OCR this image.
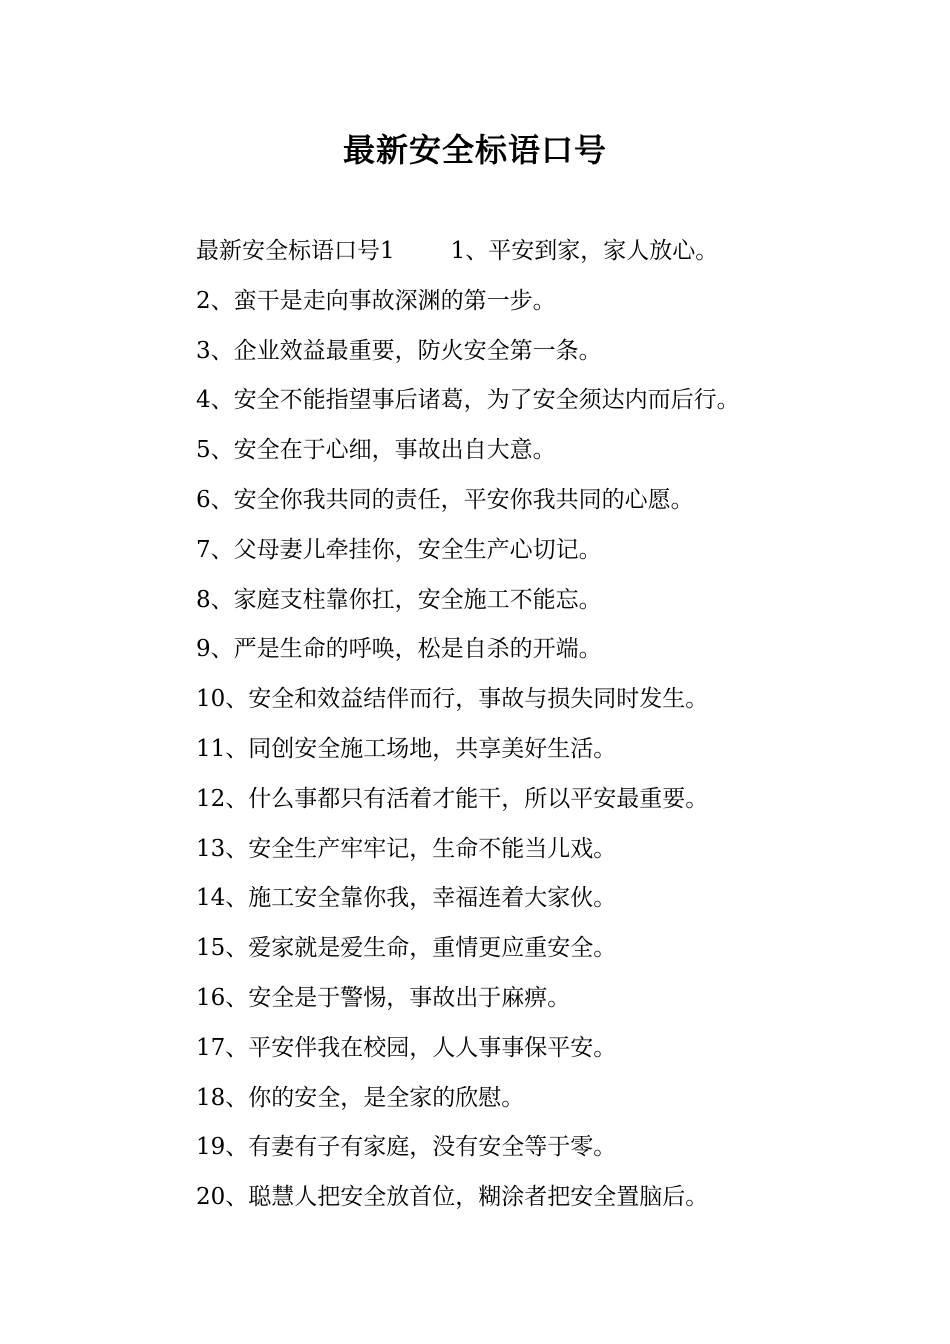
最新安全标语口号
最新安全标语口号1 1、平安到家，家人放心。
2、蛮干是走向事故深渊的第一步。
3、企业效益最重要，防火安全第一条。
4、安全不能指望事后诸葛，为了安全须达内而后行。
5、安全在于心细，事故出自大意。
6、安全你我共同的责任，平安你我共同的心愿。
7、父母妻儿牵挂你，安全生产心切记。
8、家庭支柱靠你扛，安全施工不能忘。
9、严是生命的呼唤，松是自杀的开端。
10、安全和效益结伴而行，事故与损失同时发生。
11、同创安全施工场地，共享美好生活。
12、什么事都只有活着才能干，所以平安最重要。
13、安全生产牢牢记，生命不能当儿戏。
14、施工安全靠你我，幸福连着大家伙。
15、爱家就是爱生命，重情更应重安全。
16、安全是于警惕，事故出于麻痹。
17、平安伴我在校园，人人事事保平安。
18、你的安全，是全家的欣慰。
19、有妻有子有家庭，没有安全等于零。
20、聪慧人把安全放首位，糊涂者把安全置脑后。
